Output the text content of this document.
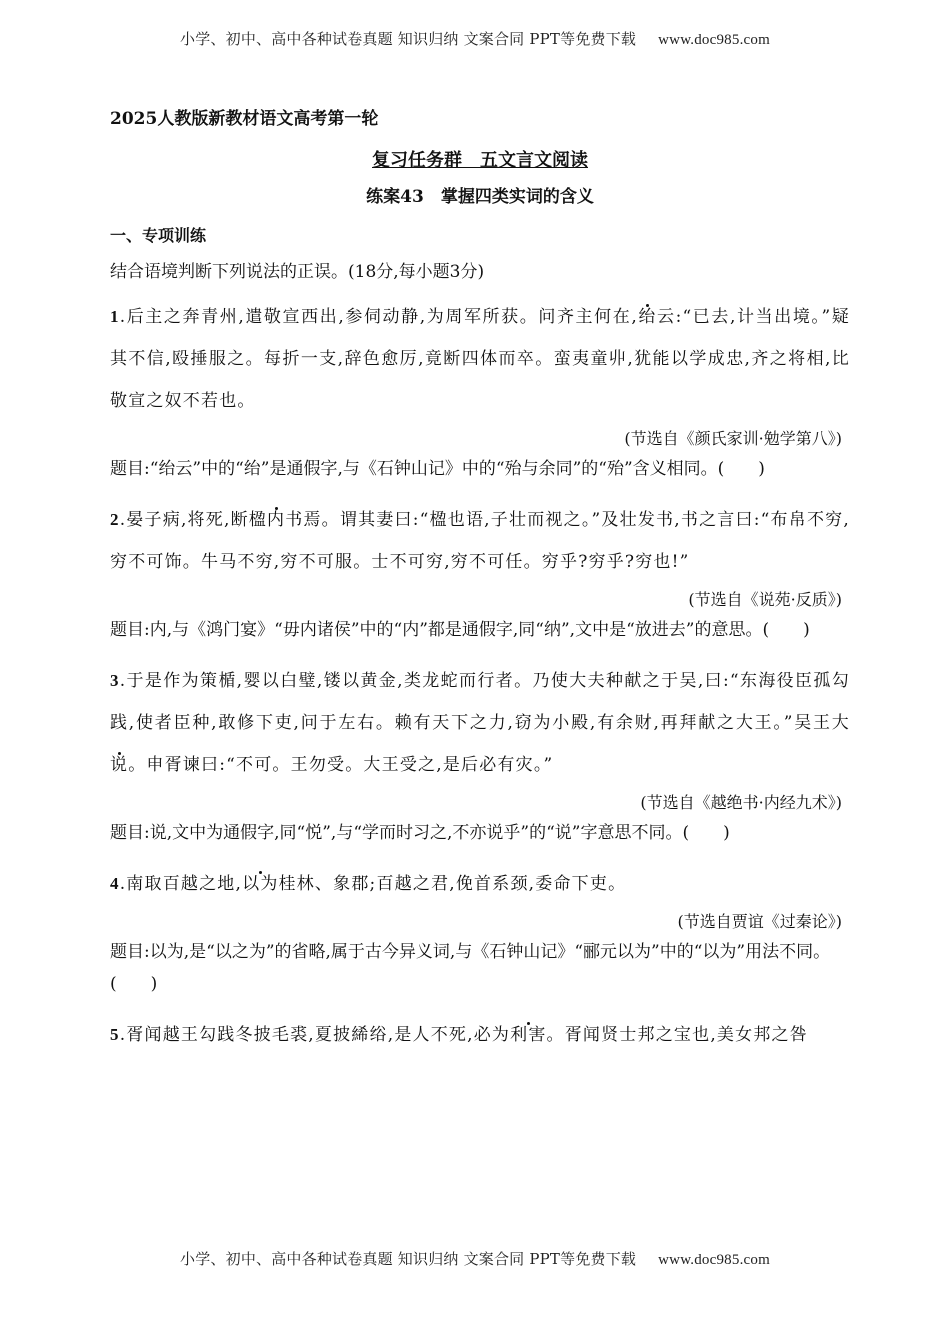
小学、初中、高中各种试卷真题 知识归纳 文案合同 PPT等免费下载 www.doc985.com
2025人教版新教材语文高考第一轮
复习任务群　五文言文阅读
练案43　掌握四类实词的含义
一、专项训练
结合语境判断下列说法的正误。(18分,每小题3分)
1.后主之奔青州,遣敬宣西出,参伺动静,为周军所获。问齐主何在,绐云:“已去,计当出境。”疑其不信,殴捶服之。每折一支,辞色愈厉,竟断四体而卒。蛮夷童丱,犹能以学成忠,齐之将相,比敬宣之奴不若也。
(节选自《颜氏家训·勉学第八》)
题目:“绐云”中的“绐”是通假字,与《石钟山记》中的“殆与余同”的“殆”含义相同。(　　)
2.晏子病,将死,断楹内书焉。谓其妻曰:“楹也语,子壮而视之。”及壮发书,书之言曰:“布帛不穷,穷不可饰。牛马不穷,穷不可服。士不可穷,穷不可任。穷乎?穷乎?穷也!”
(节选自《说苑·反质》)
题目:内,与《鸿门宴》“毋内诸侯”中的“内”都是通假字,同“纳”,文中是“放进去”的意思。(　　)
3.于是作为策楯,婴以白璧,镂以黄金,类龙蛇而行者。乃使大夫种献之于吴,曰:“东海役臣孤勾践,使者臣种,敢修下吏,问于左右。赖有天下之力,窃为小殿,有余财,再拜献之大王。”吴王大说。申胥谏曰:“不可。王勿受。大王受之,是后必有灾。”
(节选自《越绝书·内经九术》)
题目:说,文中为通假字,同“悦”,与“学而时习之,不亦说乎”的“说”字意思不同。(　　)
4.南取百越之地,以为桂林、象郡;百越之君,俛首系颈,委命下吏。
(节选自贾谊《过秦论》)
题目:以为,是“以之为”的省略,属于古今异义词,与《石钟山记》“郦元以为”中的“以为”用法不同。(　　)
5.胥闻越王勾践冬披毛裘,夏披絺绤,是人不死,必为利害。胥闻贤士邦之宝也,美女邦之咎
小学、初中、高中各种试卷真题 知识归纳 文案合同 PPT等免费下载 www.doc985.com
